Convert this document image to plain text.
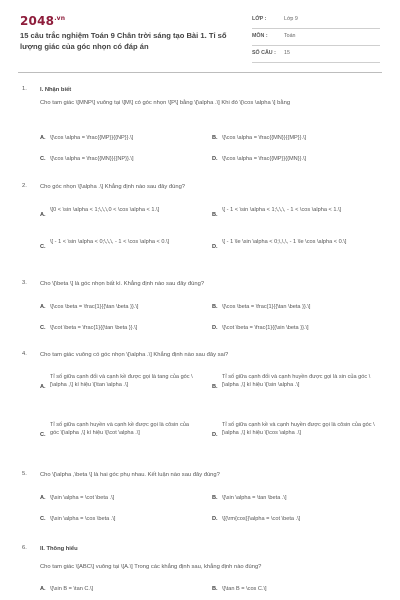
$2048^{.vn}$
15 câu trắc nghiệm Toán 9 Chân trời sáng tạo Bài 1. Tỉ số lượng giác của góc nhọn có đáp án
LỚP :	Lớp 9
MÔN :	Toán
SỐ CÂU : 15
1. I. Nhận biết
Cho tam giác \[MNP\] vuông tại \[M\] có góc nhọn \[P\] bằng \[\alpha .\] Khi đó \[\cos \alpha \] bằng
A. \[\cos \alpha = \frac{{MP}}{{NP}}.\]	B. \[\cos \alpha = \frac{{MN}}{{MP}}.\]
C. \[\cos \alpha = \frac{{MN}}{{NP}}.\]	D. \[\cos \alpha = \frac{{MP}}{{MN}}.\]
2. Cho góc nhọn \[\alpha .\] Khẳng định nào sau đây đúng?
A.
\[0 < \sin \alpha < 1;\,\,\,0 < \cos \alpha < 1.\]
B.
\[ - 1 < \sin \alpha < 1;\,\,\, - 1 < \cos \alpha < 1.\]
C.
\[ - 1 < \sin \alpha < 0;\,\,\, - 1 < \cos \alpha < 0.\]
D.
\[ - 1 \le \sin \alpha < 0;\,\,\, - 1 \le \cos \alpha < 0.\]
3. Cho \[\beta \] là góc nhọn bất kì. Khẳng định nào sau đây đúng?
A. \[\cos \beta = \frac{1}{{\tan \beta }}.\]	B. \[\cos \beta = \frac{1}{{\tan \beta }}.\]
C. \[\cot \beta = \frac{1}{{\tan \beta }}.\]	D. \[\cot \beta = \frac{1}{{\sin \beta }}.\]
4. Cho tam giác vuông có góc nhọn \[\alpha .\] Khẳng định nào sau đây sai?
A.
Tỉ số giữa cạnh đối và cạnh kề được gọi là tang của góc \[\alpha ,\] kí hiệu \[\tan \alpha .\]	B.
Tỉ số giữa cạnh đối và cạnh huyền được gọi là sin của góc \[\alpha ,\] kí hiệu \[\sin \alpha .\]
C.
Tỉ số giữa cạnh huyền và cạnh kề được gọi là côsin của góc \[\alpha ,\] kí hiệu \[\cot \alpha .\]	D.
Tỉ số giữa cạnh kề và cạnh huyền được gọi là côsin của góc \[\alpha ,\] kí hiệu \[\cos \alpha .\]
5. Cho \[\alpha ,\beta \] là hai góc phụ nhau. Kết luận nào sau đây đúng?
A. \[\sin \alpha = \cot \beta .\]	B. \[\sin \alpha = \tan \beta .\]
C. \[\sin \alpha = \cos \beta .\]	D. \[{\rm{cos}}\alpha = \cot \beta .\]
6. II. Thông hiểu
Cho tam giác \[ABC\] vuông tại \[A.\] Trong các khẳng định sau, khẳng định nào đúng?
A. \[\sin B = \tan C.\]	B. \[\tan B = \cos C.\]
